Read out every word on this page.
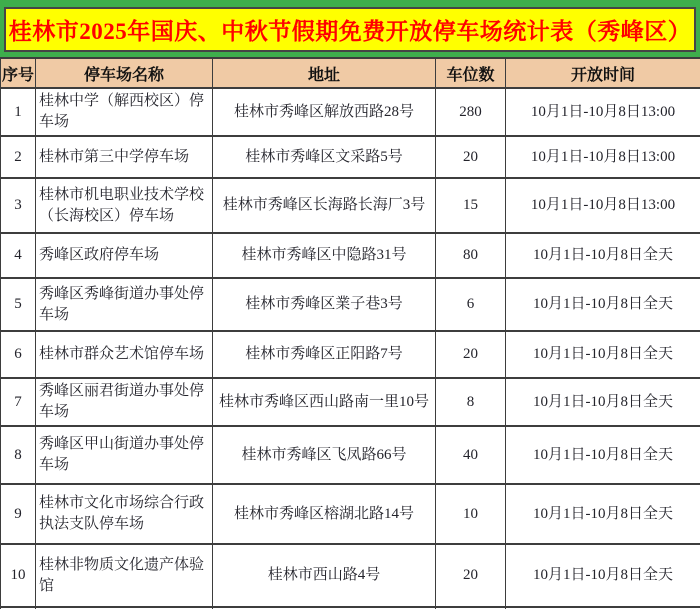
桂林市2025年国庆、中秋节假期免费开放停车场统计表（秀峰区）
序号	停车场名称	地址	车位数	开放时间
1	桂林中学（解西校区）停车场	桂林市秀峰区解放西路28号	280	10月1日-10月8日13:00
2	桂林市第三中学停车场	桂林市秀峰区文采路5号	20	10月1日-10月8日13:00
3	桂林市机电职业技术学校（长海校区）停车场	桂林市秀峰区长海路长海厂3号	15	10月1日-10月8日13:00
4	秀峰区政府停车场	桂林市秀峰区中隐路31号	80	10月1日-10月8日全天
5	秀峰区秀峰街道办事处停车场	桂林市秀峰区業子巷3号	6	10月1日-10月8日全天
6	桂林市群众艺术馆停车场	桂林市秀峰区正阳路7号	20	10月1日-10月8日全天
7	秀峰区丽君街道办事处停车场	桂林市秀峰区西山路南一里10号	8	10月1日-10月8日全天
8	秀峰区甲山街道办事处停车场	桂林市秀峰区飞凤路66号	40	10月1日-10月8日全天
9	桂林市文化市场综合行政执法支队停车场	桂林市秀峰区榕湖北路14号	10	10月1日-10月8日全天
10	桂林非物质文化遗产体验馆	桂林市西山路4号	20	10月1日-10月8日全天
